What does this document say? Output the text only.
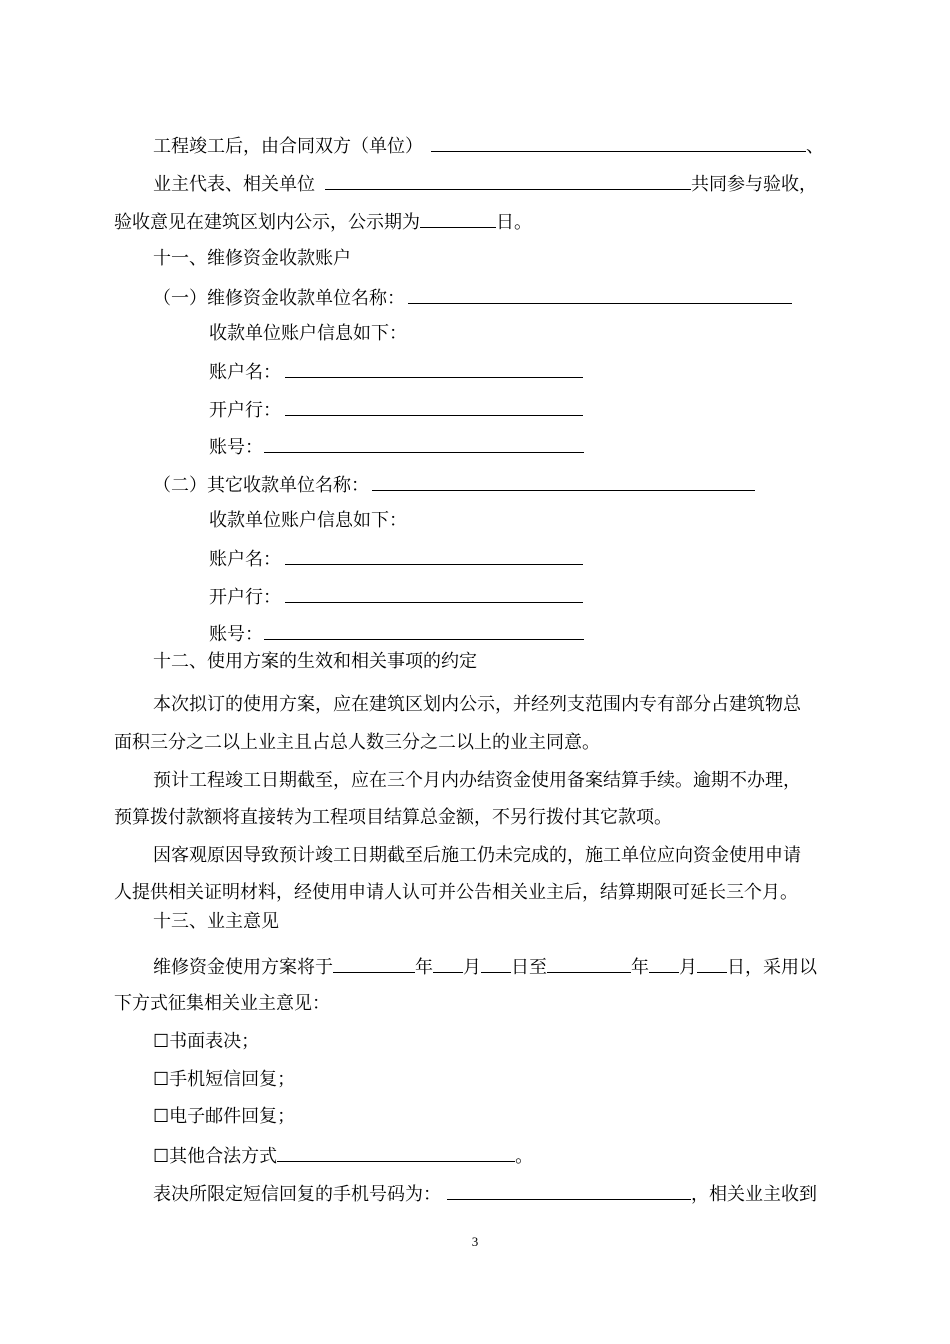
工程竣工后，由合同双方（单位）	、
业主代表、相关单位	共同参与验收，
验收意见在建筑区划内公示，公示期为	日。
十一、维修资金收款账户
（一）维修资金收款单位名称：
收款单位账户信息如下：
账户名：
开户行：
账号：
（二）其它收款单位名称：
收款单位账户信息如下：
账户名：
开户行：
账号：
十二、使用方案的生效和相关事项的约定
本次拟订的使用方案，应在建筑区划内公示，并经列支范围内专有部分占建筑物总
面积三分之二以上业主且占总人数三分之二以上的业主同意。
预计工程竣工日期截至，应在三个月内办结资金使用备案结算手续。逾期不办理，
预算拨付款额将直接转为工程项目结算总金额，不另行拨付其它款项。
因客观原因导致预计竣工日期截至后施工仍未完成的，施工单位应向资金使用申请
人提供相关证明材料，经使用申请人认可并公告相关业主后，结算期限可延长三个月。
十三、业主意见
维修资金使用方案将于	年 月 日至	年 月 日，采用以
下方式征集相关业主意见：
☐书面表决；
☐手机短信回复；
☐电子邮件回复；
☐其他合法方式	。
表决所限定短信回复的手机号码为：	，相关业主收到
3
